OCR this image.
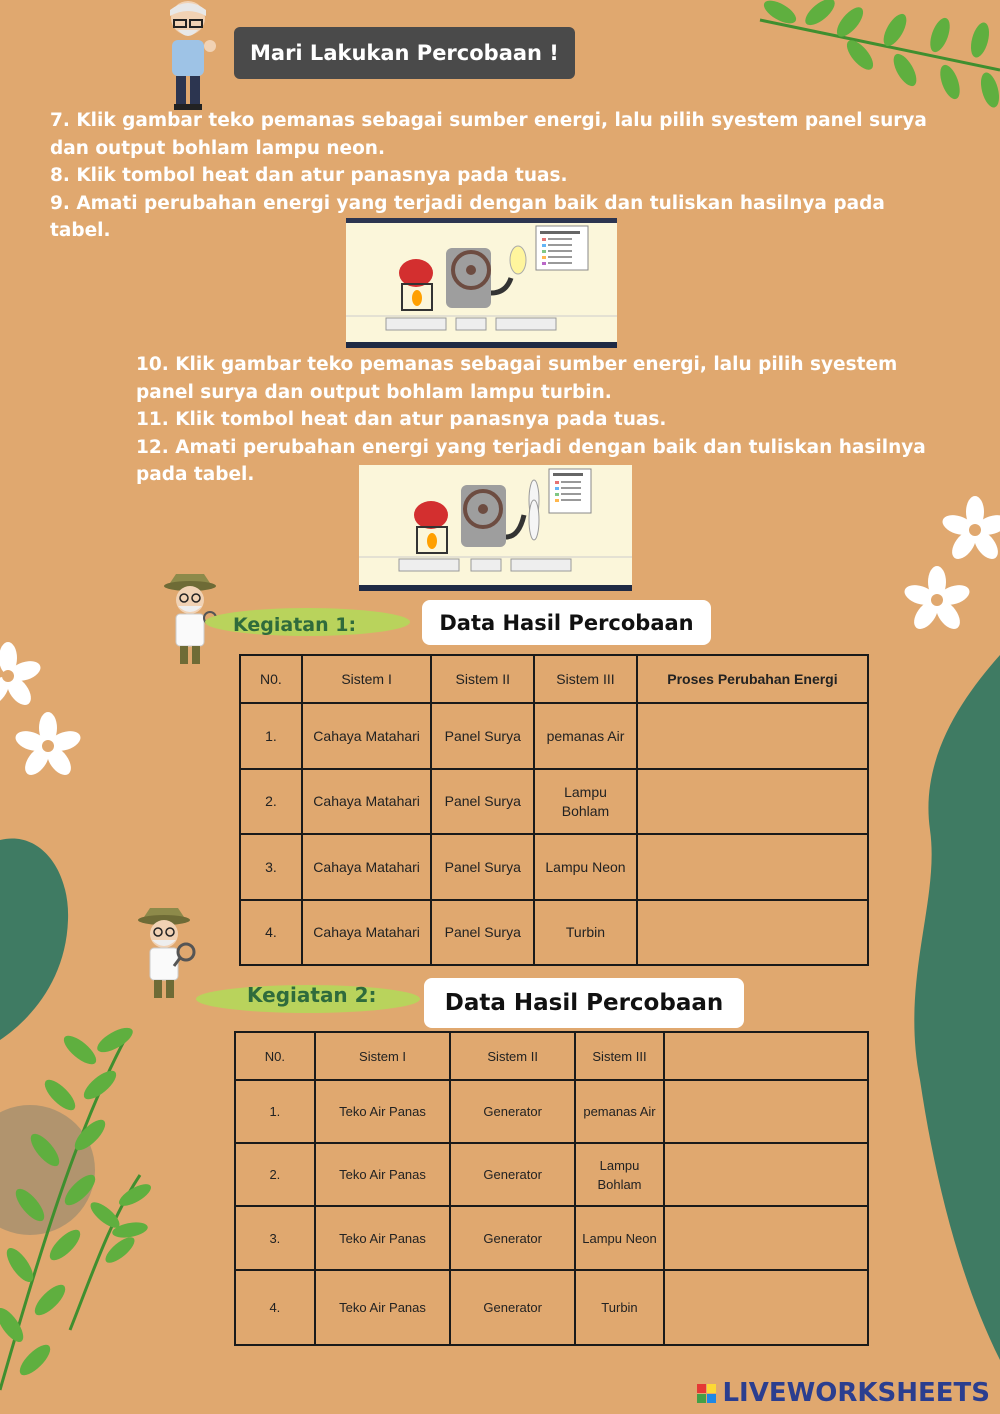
Mari Lakukan Percobaan !

7. Klik gambar teko pemanas sebagai sumber energi, lalu pilih syestem panel surya dan output bohlam lampu neon.

8. Klik tombol heat dan atur panasnya pada tuas.

9. Amati perubahan energi yang terjadi dengan baik dan tuliskan hasilnya pada tabel.

10. Klik gambar teko pemanas sebagai sumber energi, lalu pilih syestem panel surya dan output bohlam lampu turbin.

11. Klik tombol heat dan atur panasnya pada tuas.

12. Amati perubahan energi yang terjadi dengan baik dan tuliskan hasilnya pada tabel.

Kegiatan 1:	Data Hasil Percobaan
N0.	Sistem I	Sistem II	Sistem III	Proses Perubahan Energi
1.	Cahaya Matahari	Panel Surya	pemanas Air	
2.	Cahaya Matahari	Panel Surya	Lampu Bohlam	
3.	Cahaya Matahari	Panel Surya	Lampu Neon	
4.	Cahaya Matahari	Panel Surya	Turbin	
Kegiatan 2:	Data Hasil Percobaan
N0.	Sistem I	Sistem II	Sistem III	
1.	Teko Air Panas	Generator	pemanas Air	
2.	Teko Air Panas	Generator	Lampu Bohlam	
3.	Teko Air Panas	Generator	Lampu Neon	
4.	Teko Air Panas	Generator	Turbin	
LIVEWORKSHEETS
